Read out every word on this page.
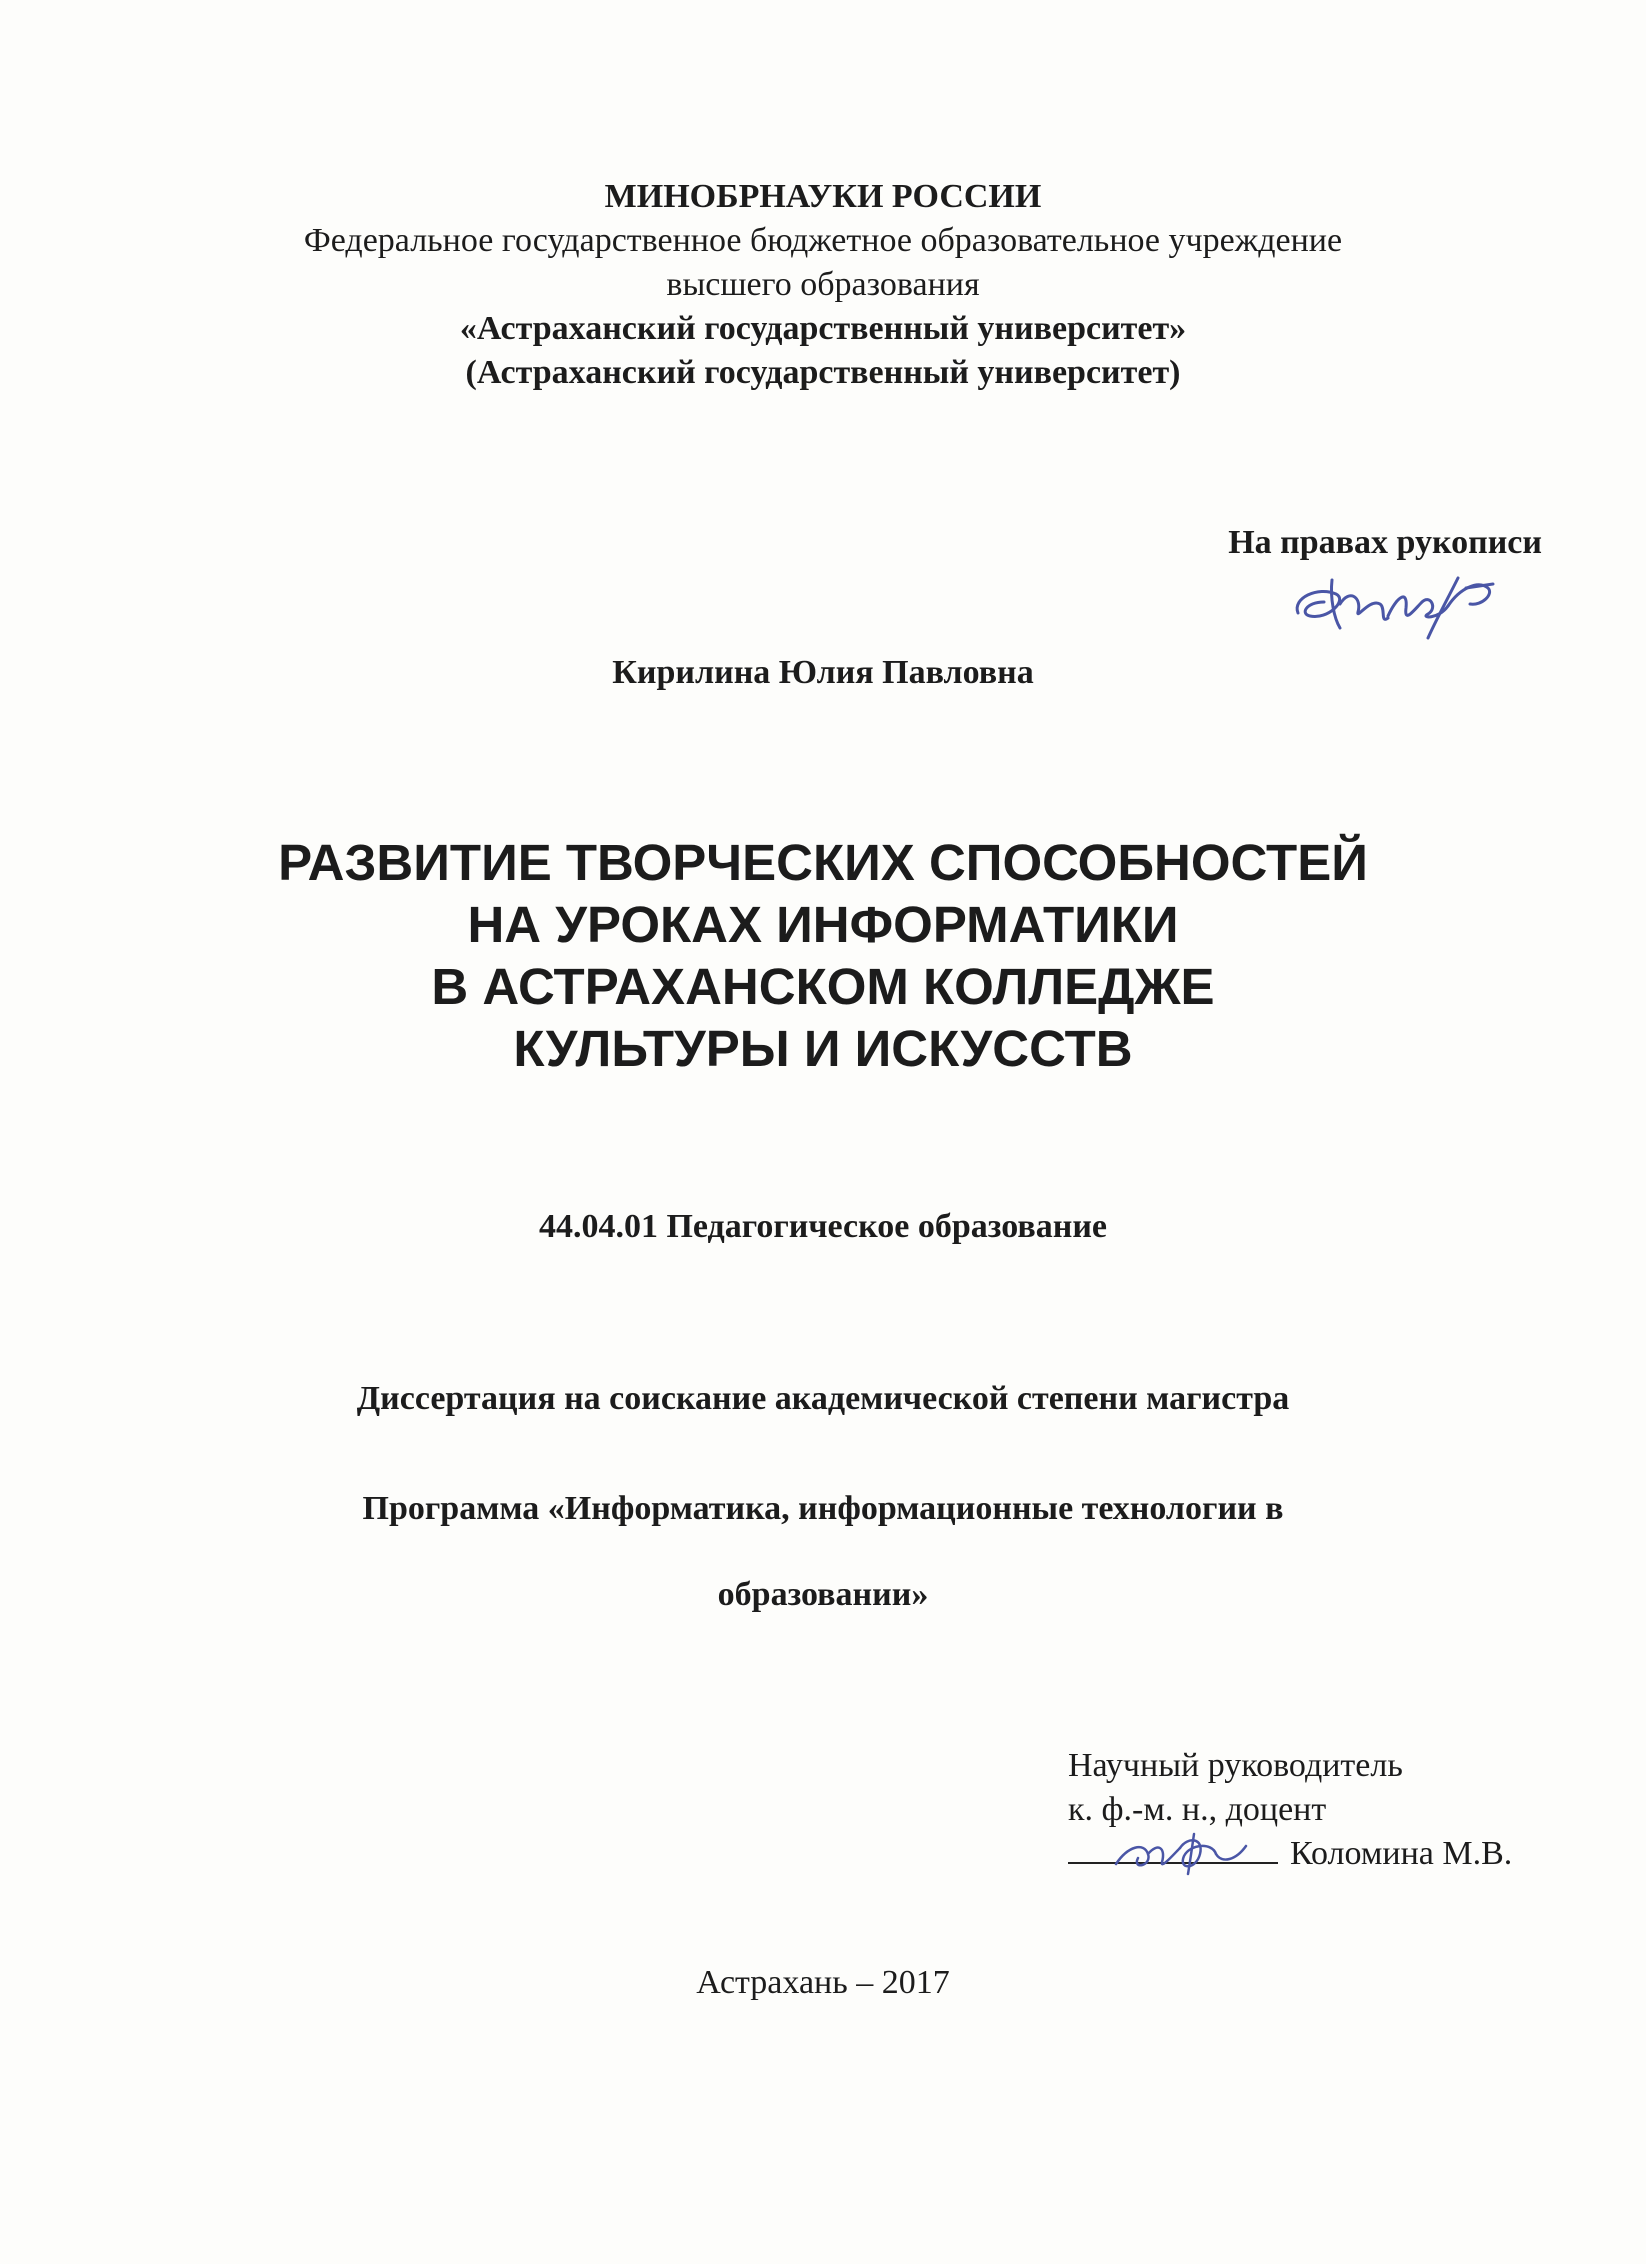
МИНОБРНАУКИ РОССИИ
Федеральное государственное бюджетное образовательное учреждение
высшего образования
«Астраханский государственный университет»
(Астраханский государственный университет)
На правах рукописи
Кирилина Юлия Павловна
РАЗВИТИЕ ТВОРЧЕСКИХ СПОСОБНОСТЕЙ
НА УРОКАХ ИНФОРМАТИКИ
В АСТРАХАНСКОМ КОЛЛЕДЖЕ
КУЛЬТУРЫ И ИСКУССТВ
44.04.01 Педагогическое образование
Диссертация на соискание академической степени магистра
Программа «Информатика, информационные технологии в
образовании»
Научный руководитель
к. ф.-м. н., доцент
Коломина М.В.
Астрахань – 2017
